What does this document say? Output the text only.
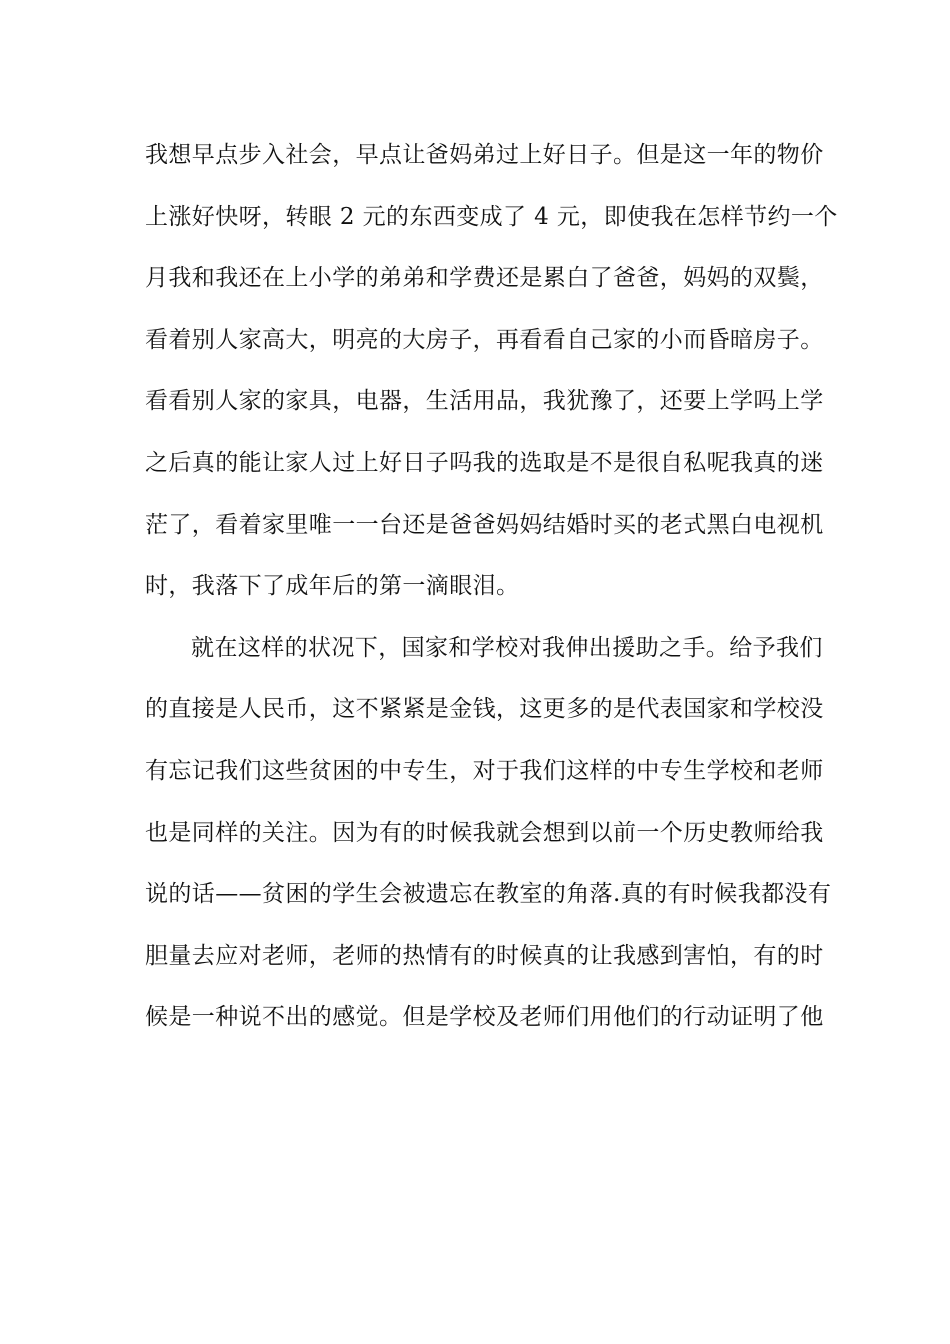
我想早点步入社会，早点让爸妈弟过上好日子。但是这一年的物价
上涨好快呀，转眼 2 元的东西变成了 4 元，即使我在怎样节约一个
月我和我还在上小学的弟弟和学费还是累白了爸爸，妈妈的双鬓，
看着别人家高大，明亮的大房子，再看看自己家的小而昏暗房子。
看看别人家的家具，电器，生活用品，我犹豫了，还要上学吗上学
之后真的能让家人过上好日子吗我的选取是不是很自私呢我真的迷
茫了，看着家里唯一一台还是爸爸妈妈结婚时买的老式黑白电视机
时，我落下了成年后的第一滴眼泪。
就在这样的状况下，国家和学校对我伸出援助之手。给予我们
的直接是人民币，这不紧紧是金钱，这更多的是代表国家和学校没
有忘记我们这些贫困的中专生，对于我们这样的中专生学校和老师
也是同样的关注。因为有的时候我就会想到以前一个历史教师给我
说的话——贫困的学生会被遗忘在教室的角落.真的有时候我都没有
胆量去应对老师，老师的热情有的时候真的让我感到害怕，有的时
候是一种说不出的感觉。但是学校及老师们用他们的行动证明了他
